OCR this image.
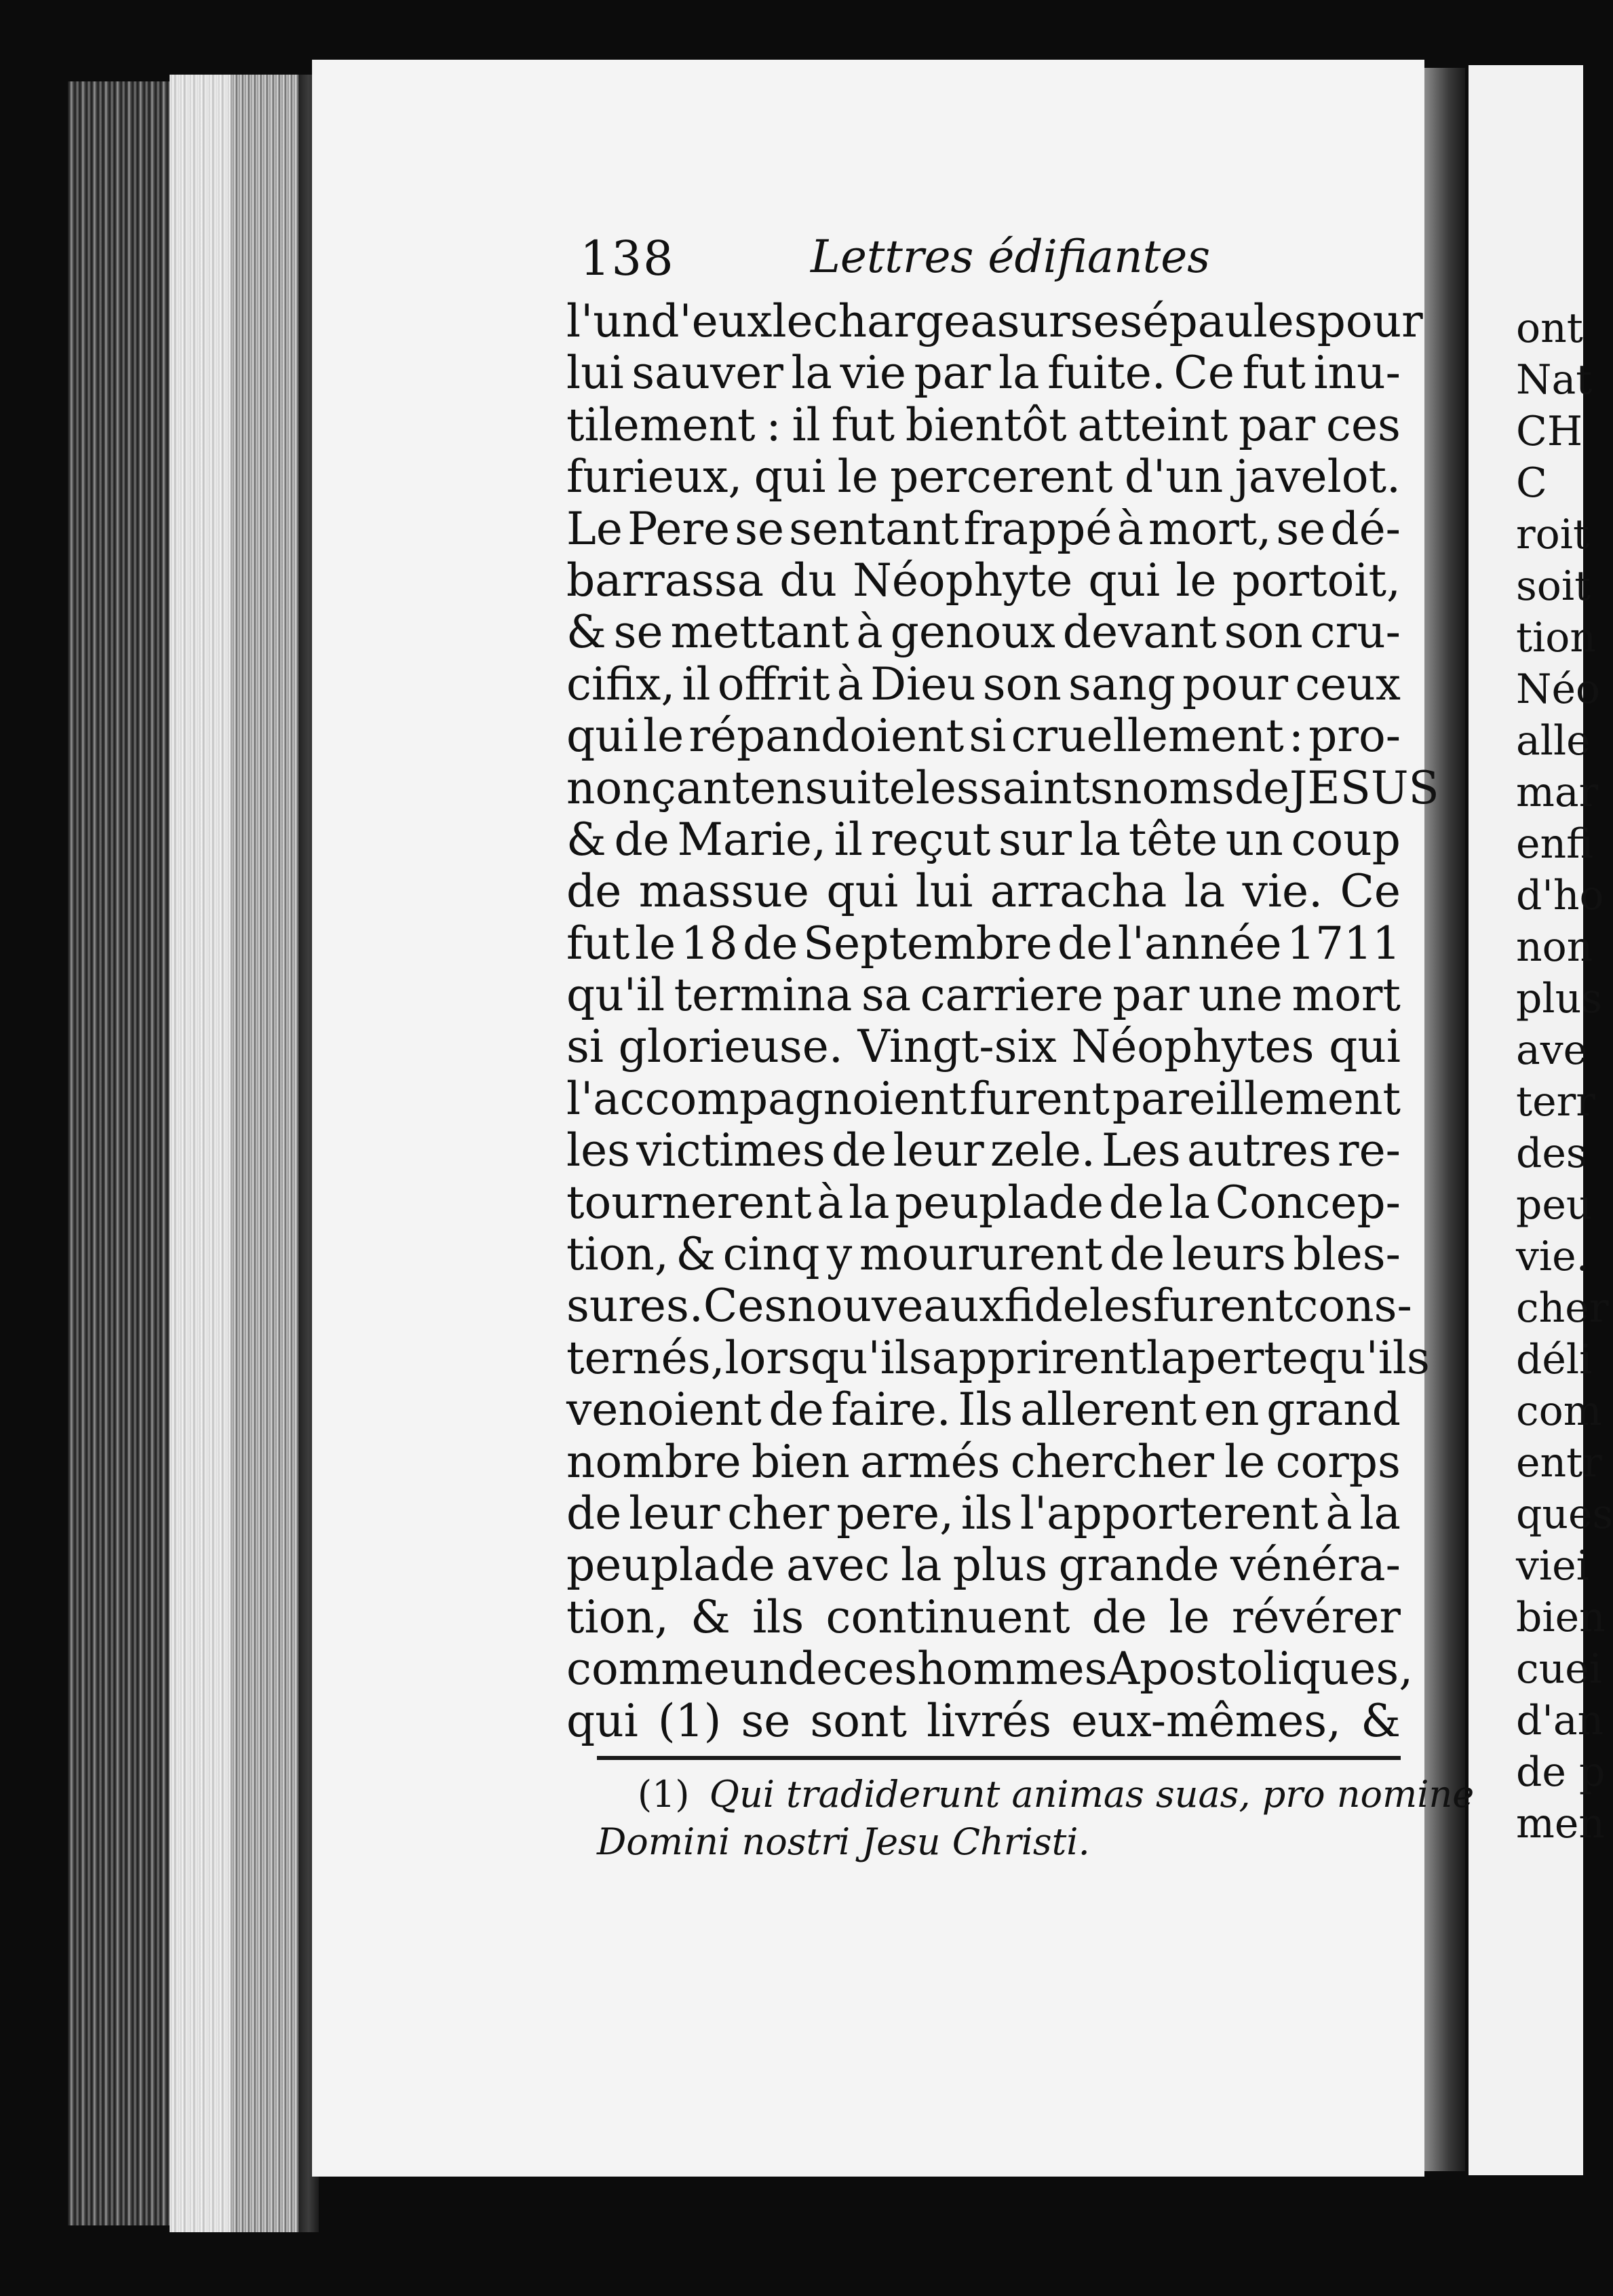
ont
Nat
CH
C
roit
soit
tion
Néo
alle
mar
enfi
d'ho
non
plus
ave
terr
des
peu
vie.
cher
déli
com
entr
ques
viei
bien
cuei
d'an
de p
men
138	Lettres édifiantes
l'un d'eux le chargea sur ses épaules pour
lui sauver la vie par la fuite. Ce fut inu-
tilement : il fut bientôt atteint par ces
furieux, qui le percerent d'un javelot.
Le Pere se sentant frappé à mort, se dé-
barrassa du Néophyte qui le portoit,
& se mettant à genoux devant son cru-
cifix, il offrit à Dieu son sang pour ceux
qui le répandoient si cruellement : pro-
nonçant ensuite les saints noms de JESUS
& de Marie, il reçut sur la tête un coup
de massue qui lui arracha la vie. Ce
fut le 18 de Septembre de l'année 1711
qu'il termina sa carriere par une mort
si glorieuse. Vingt-six Néophytes qui
l'accompagnoient furent pareillement
les victimes de leur zele. Les autres re-
tournerent à la peuplade de la Concep-
tion, & cinq y moururent de leurs bles-
sures. Ces nouveaux fideles furent cons-
ternés, lorsqu'ils apprirent la perte qu'ils
venoient de faire. Ils allerent en grand
nombre bien armés chercher le corps
de leur cher pere, ils l'apporterent à la
peuplade avec la plus grande vénéra-
tion, & ils continuent de le révérer
comme un de ces hommes Apostoliques,
qui (1) se sont livrés eux-mêmes, &
(1) Qui tradiderunt animas suas, pro nomine
Domini nostri Jesu Christi.
